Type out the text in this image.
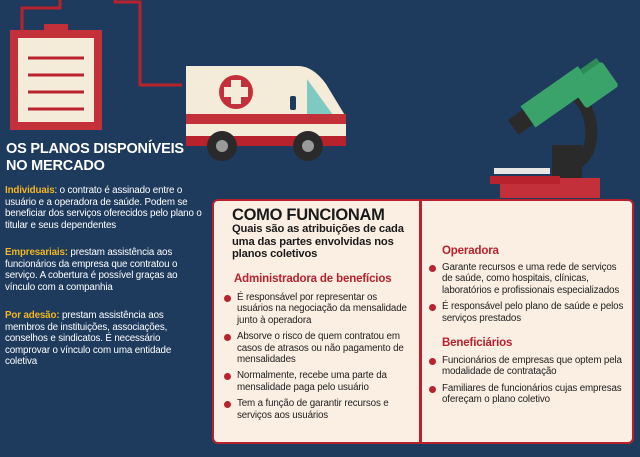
OS PLANOS DISPONÍVEIS
NO MERCADO
Individuais: o contrato é assinado entre o usuário e a operadora de saúde. Podem se beneficiar dos serviços oferecidos pelo plano o titular e seus dependentes
Empresariais: prestam assistência aos funcionários da empresa que contratou o serviço. A cobertura é possível graças ao vínculo com a companhia
Por adesão: prestam assistência aos membros de instituições, associações, conselhos e sindicatos. É necessário comprovar o vínculo com uma entidade coletiva
COMO FUNCIONAM
Quais são as atribuições de cada uma das partes envolvidas nos planos coletivos
Administradora de benefícios
É responsável por representar os usuários na negociação da mensalidade junto à operadora
Absorve o risco de quem contratou em casos de atrasos ou não pagamento de mensalidades
Normalmente, recebe uma parte da mensalidade paga pelo usuário
Tem a função de garantir recursos e serviços aos usuários
Operadora
Garante recursos e uma rede de serviços de saúde, como hospitais, clínicas, laboratórios e profissionais especializados
É responsável pelo plano de saúde e pelos serviços prestados
Beneficiários
Funcionários de empresas que optem pela modalidade de contratação
Familiares de funcionários cujas empresas ofereçam o plano coletivo
